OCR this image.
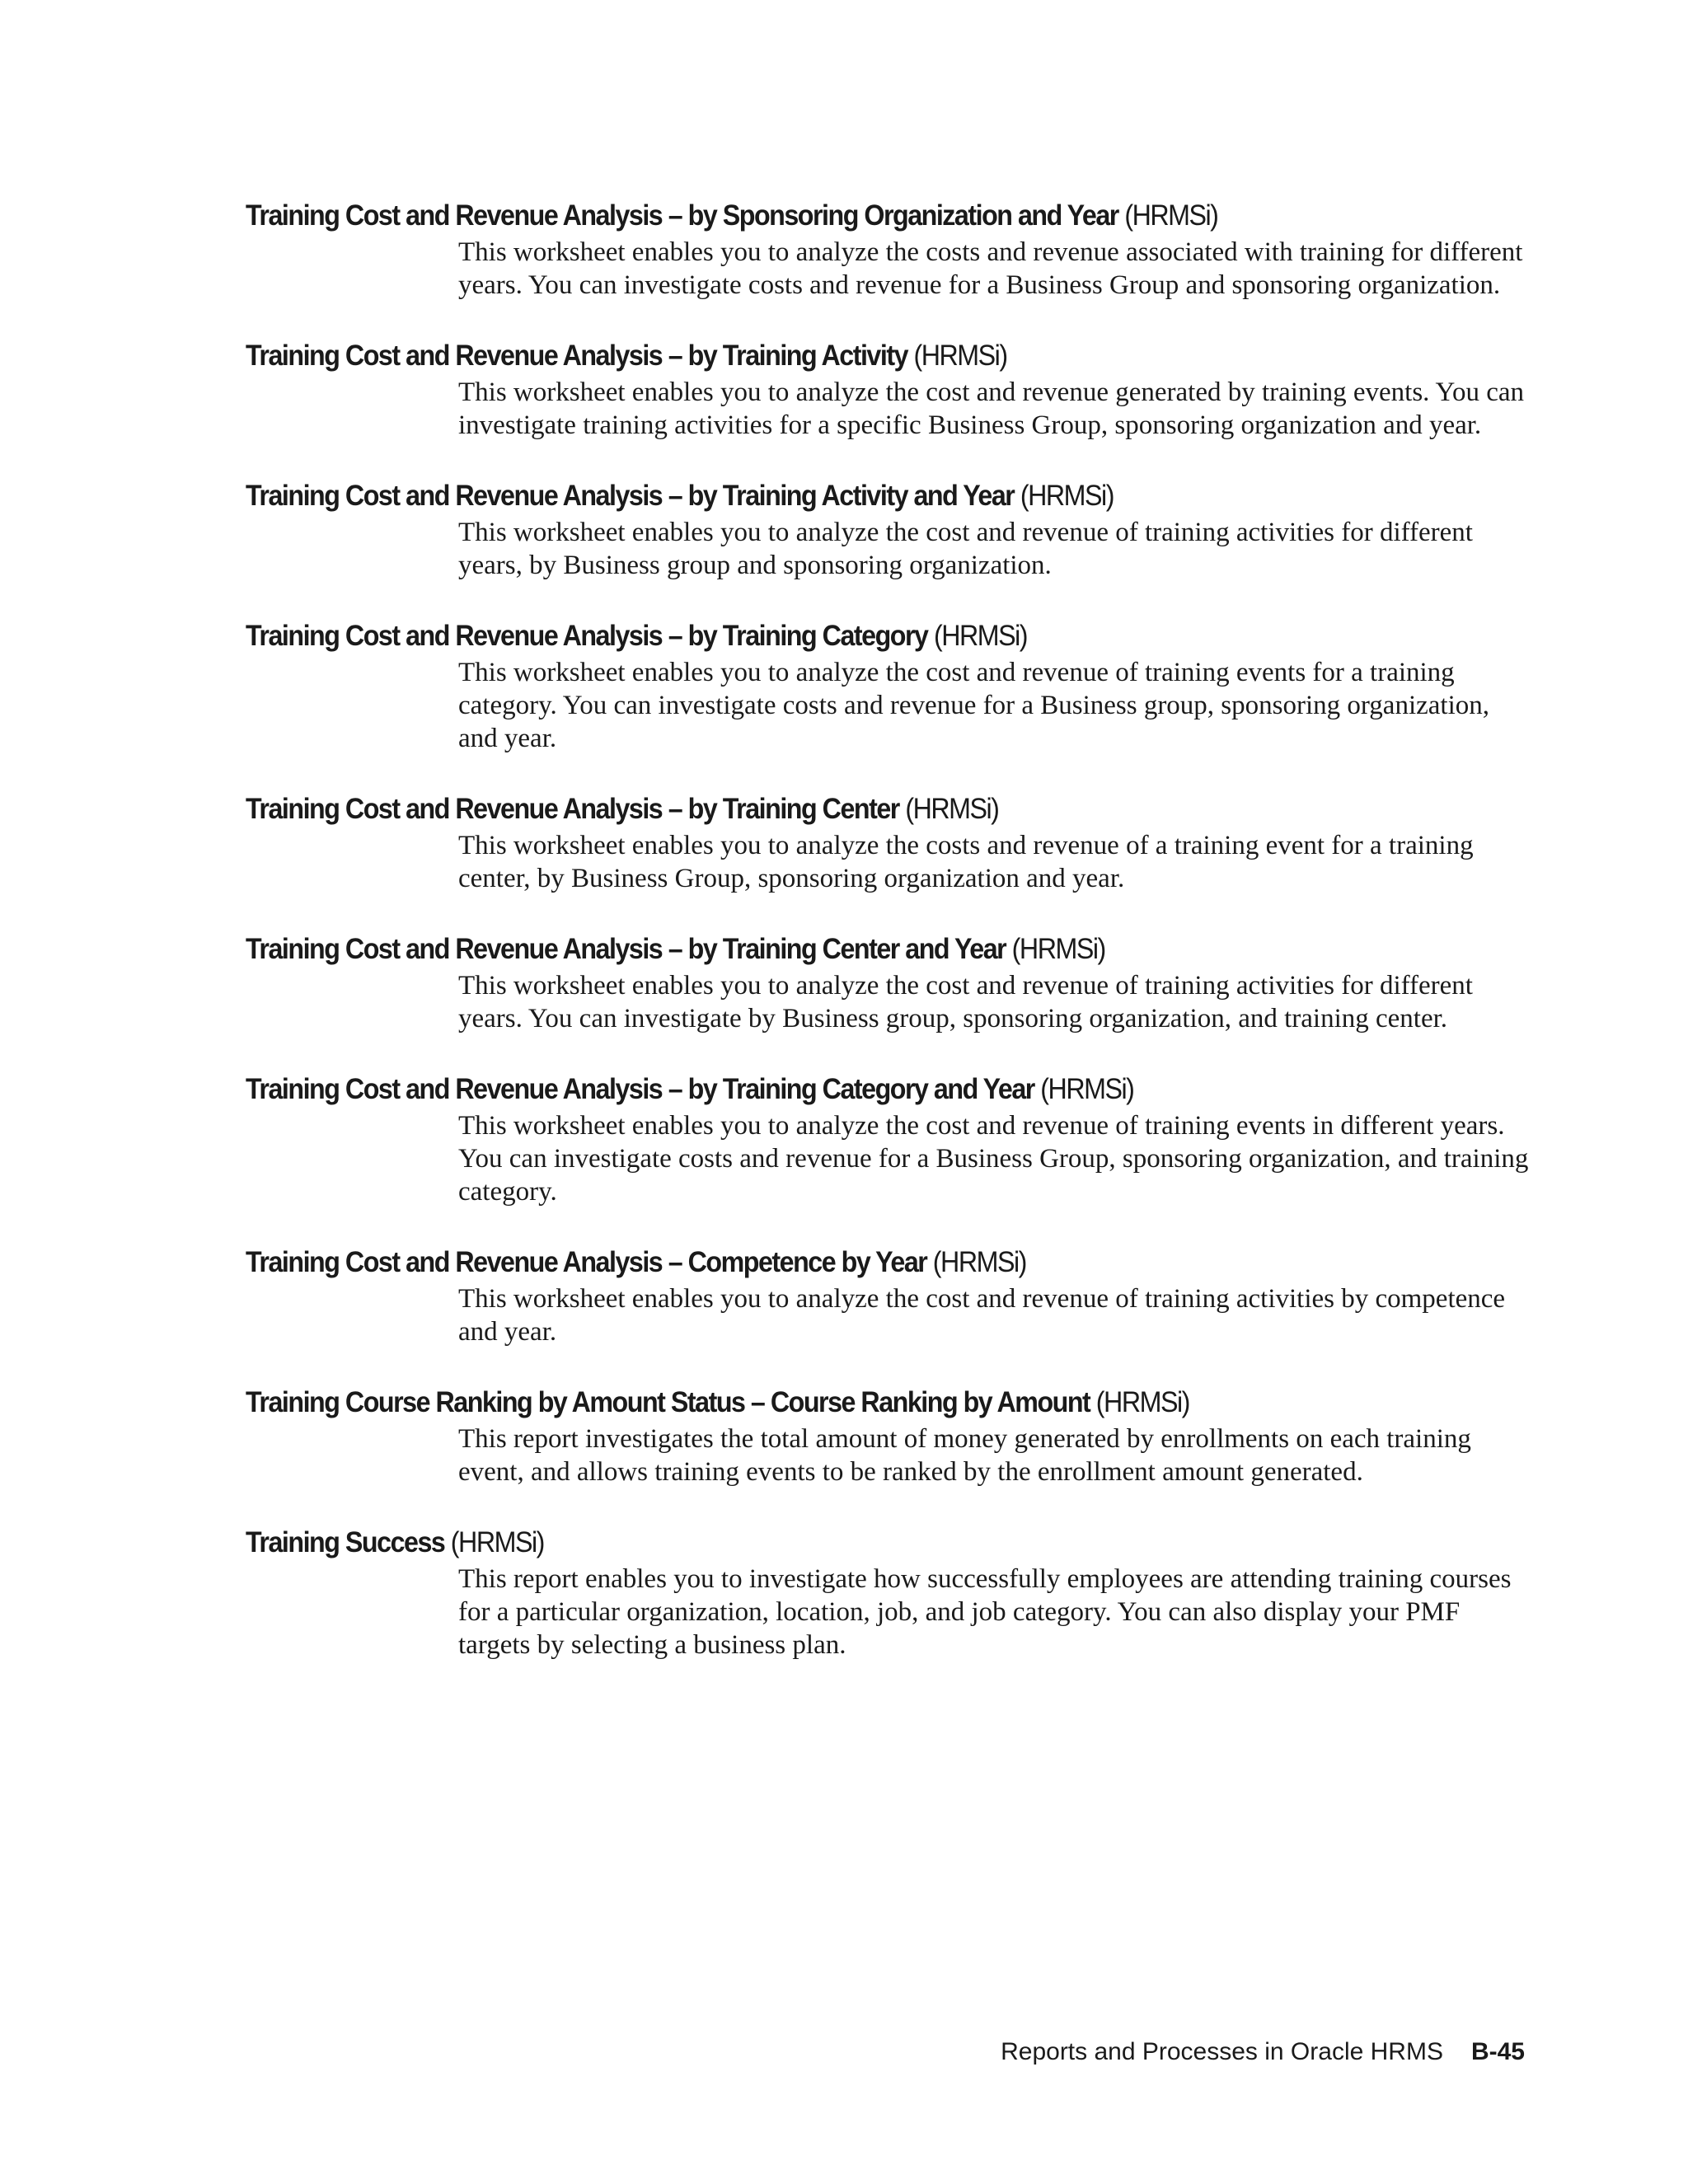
Training Cost and Revenue Analysis – by Sponsoring Organization and Year (HRMSi)

This worksheet enables you to analyze the costs and revenue associated with training for different years. You can investigate costs and revenue for a Business Group and sponsoring organization.

Training Cost and Revenue Analysis – by Training Activity (HRMSi)

This worksheet enables you to analyze the cost and revenue generated by training events. You can investigate training activities for a specific Business Group, sponsoring organization and year.

Training Cost and Revenue Analysis – by Training Activity and Year (HRMSi)

This worksheet enables you to analyze the cost and revenue of training activities for different years, by Business group and sponsoring organization.

Training Cost and Revenue Analysis – by Training Category (HRMSi)

This worksheet enables you to analyze the cost and revenue of training events for a training category. You can investigate costs and revenue for a Business group, sponsoring organization, and year.

Training Cost and Revenue Analysis – by Training Center (HRMSi)

This worksheet enables you to analyze the costs and revenue of a training event for a training center, by Business Group, sponsoring organization and year.

Training Cost and Revenue Analysis – by Training Center and Year (HRMSi)

This worksheet enables you to analyze the cost and revenue of training activities for different years. You can investigate by Business group, sponsoring organization, and training center.

Training Cost and Revenue Analysis – by Training Category and Year (HRMSi)

This worksheet enables you to analyze the cost and revenue of training events in different years. You can investigate costs and revenue for a Business Group, sponsoring organization, and training category.

Training Cost and Revenue Analysis – Competence by Year (HRMSi)

This worksheet enables you to analyze the cost and revenue of training activities by competence and year.

Training Course Ranking by Amount Status – Course Ranking by Amount (HRMSi)

This report investigates the total amount of money generated by enrollments on each training event, and allows training events to be ranked by the enrollment amount generated.

Training Success (HRMSi)

This report enables you to investigate how successfully employees are attending training courses for a particular organization, location, job, and job category. You can also display your PMF targets by selecting a business plan.

Reports and Processes in Oracle HRMS B-45
